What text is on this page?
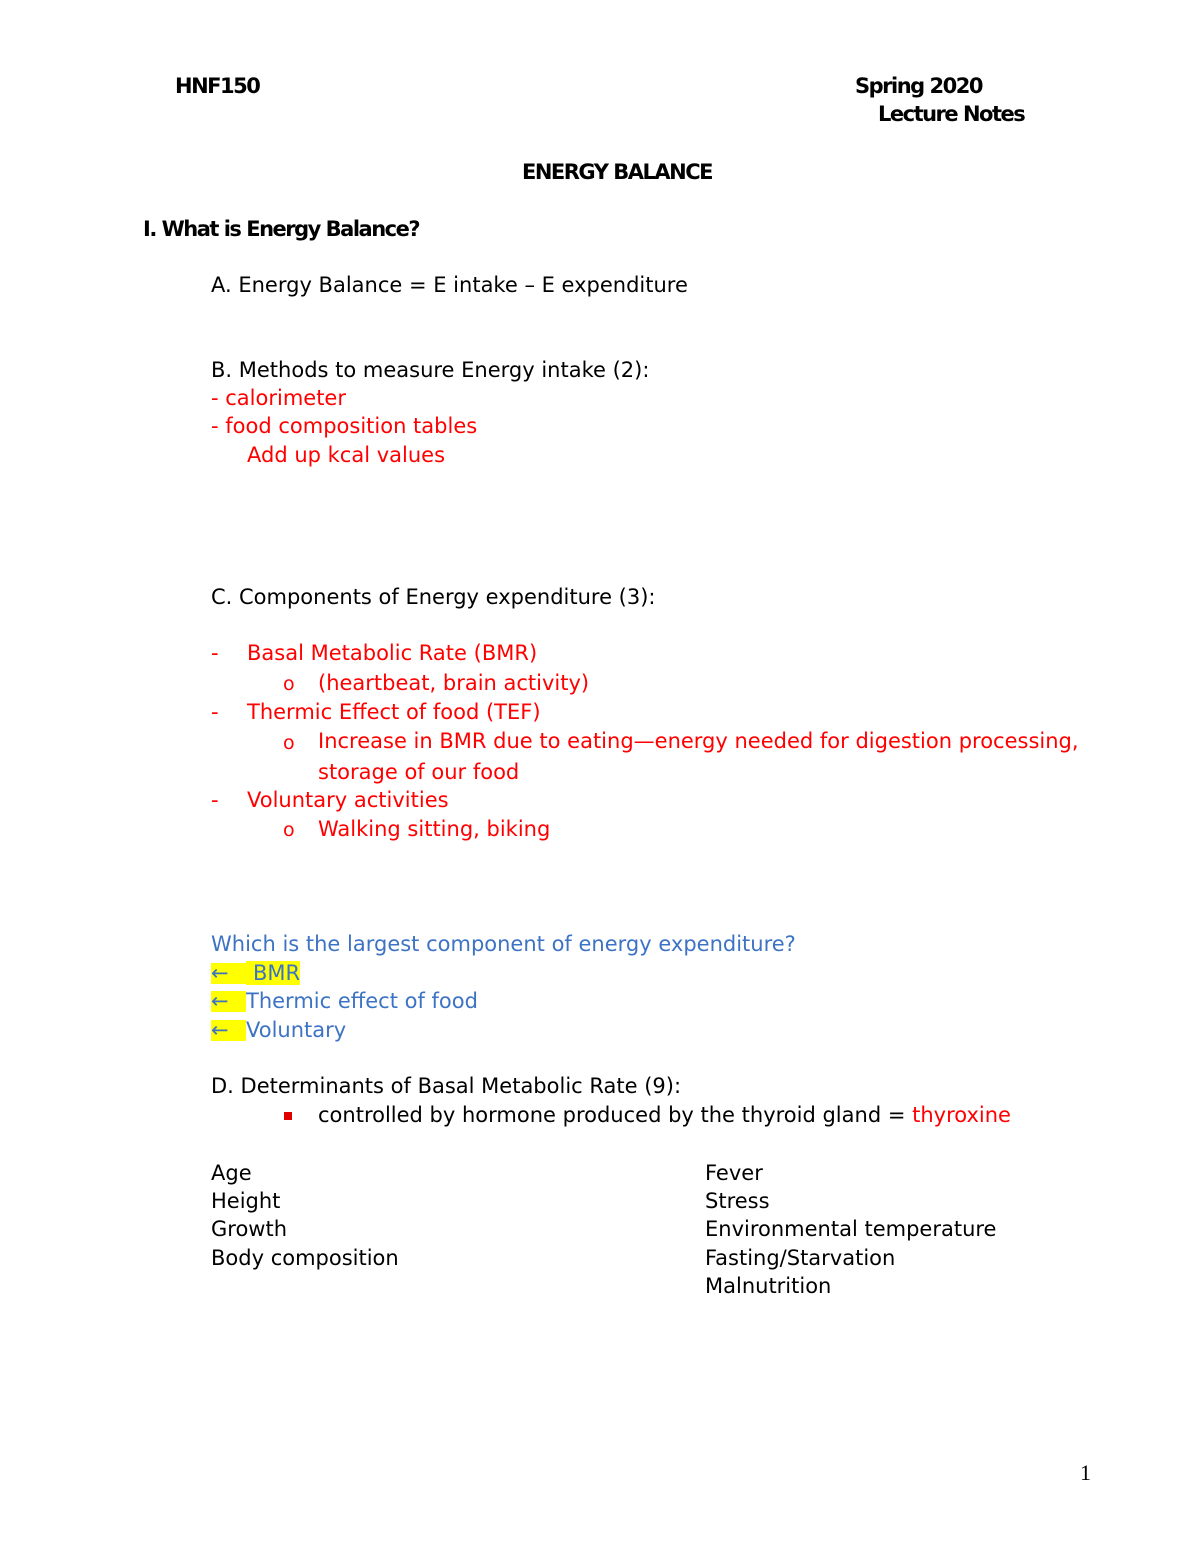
HNF150	Spring 2020
Lecture Notes
ENERGY BALANCE
I. What is Energy Balance?
A. Energy Balance = E intake – E expenditure
B. Methods to measure Energy intake (2):
- calorimeter
- food composition tables
Add up kcal values
C. Components of Energy expenditure (3):
- Basal Metabolic Rate (BMR)
o (heartbeat, brain activity)
- Thermic Effect of food (TEF)
o Increase in BMR due to eating—energy needed for digestion processing,
storage of our food
- Voluntary activities
o Walking sitting, biking
Which is the largest component of energy expenditure?
← BMR
← Thermic effect of food
← Voluntary
D. Determinants of Basal Metabolic Rate (9):
controlled by hormone produced by the thyroid gland = thyroxine
Age
Height
Growth
Body composition
Fever
Stress
Environmental temperature
Fasting/Starvation
Malnutrition
1
